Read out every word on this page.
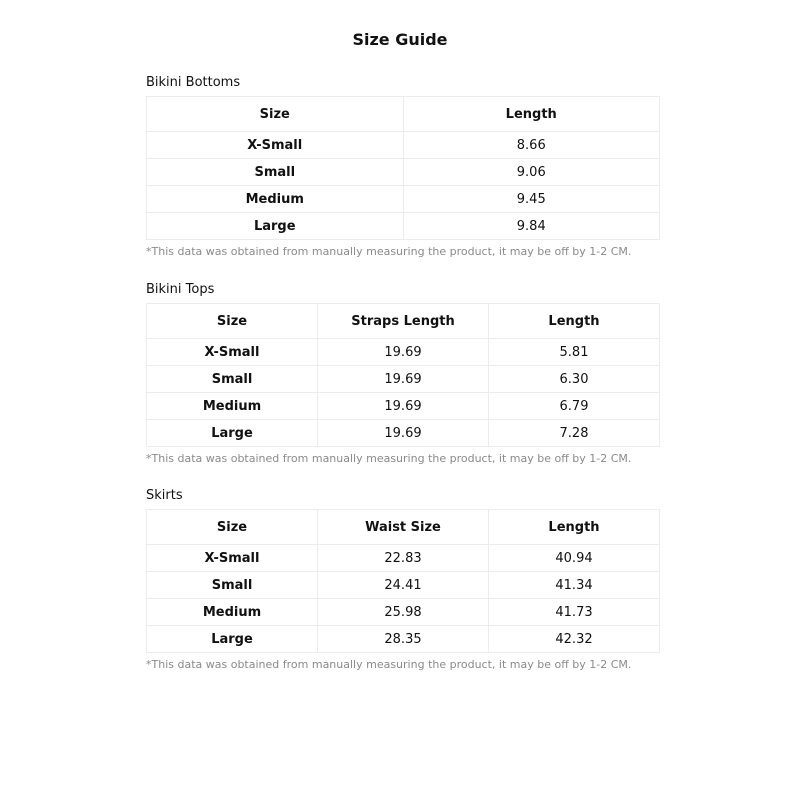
Size Guide
Bikini Bottoms
Size	Length
X-Small	8.66
Small	9.06
Medium	9.45
Large	9.84
*This data was obtained from manually measuring the product, it may be off by 1-2 CM.
Bikini Tops
Size	Straps Length	Length
X-Small	19.69	5.81
Small	19.69	6.30
Medium	19.69	6.79
Large	19.69	7.28
*This data was obtained from manually measuring the product, it may be off by 1-2 CM.
Skirts
Size	Waist Size	Length
X-Small	22.83	40.94
Small	24.41	41.34
Medium	25.98	41.73
Large	28.35	42.32
*This data was obtained from manually measuring the product, it may be off by 1-2 CM.
